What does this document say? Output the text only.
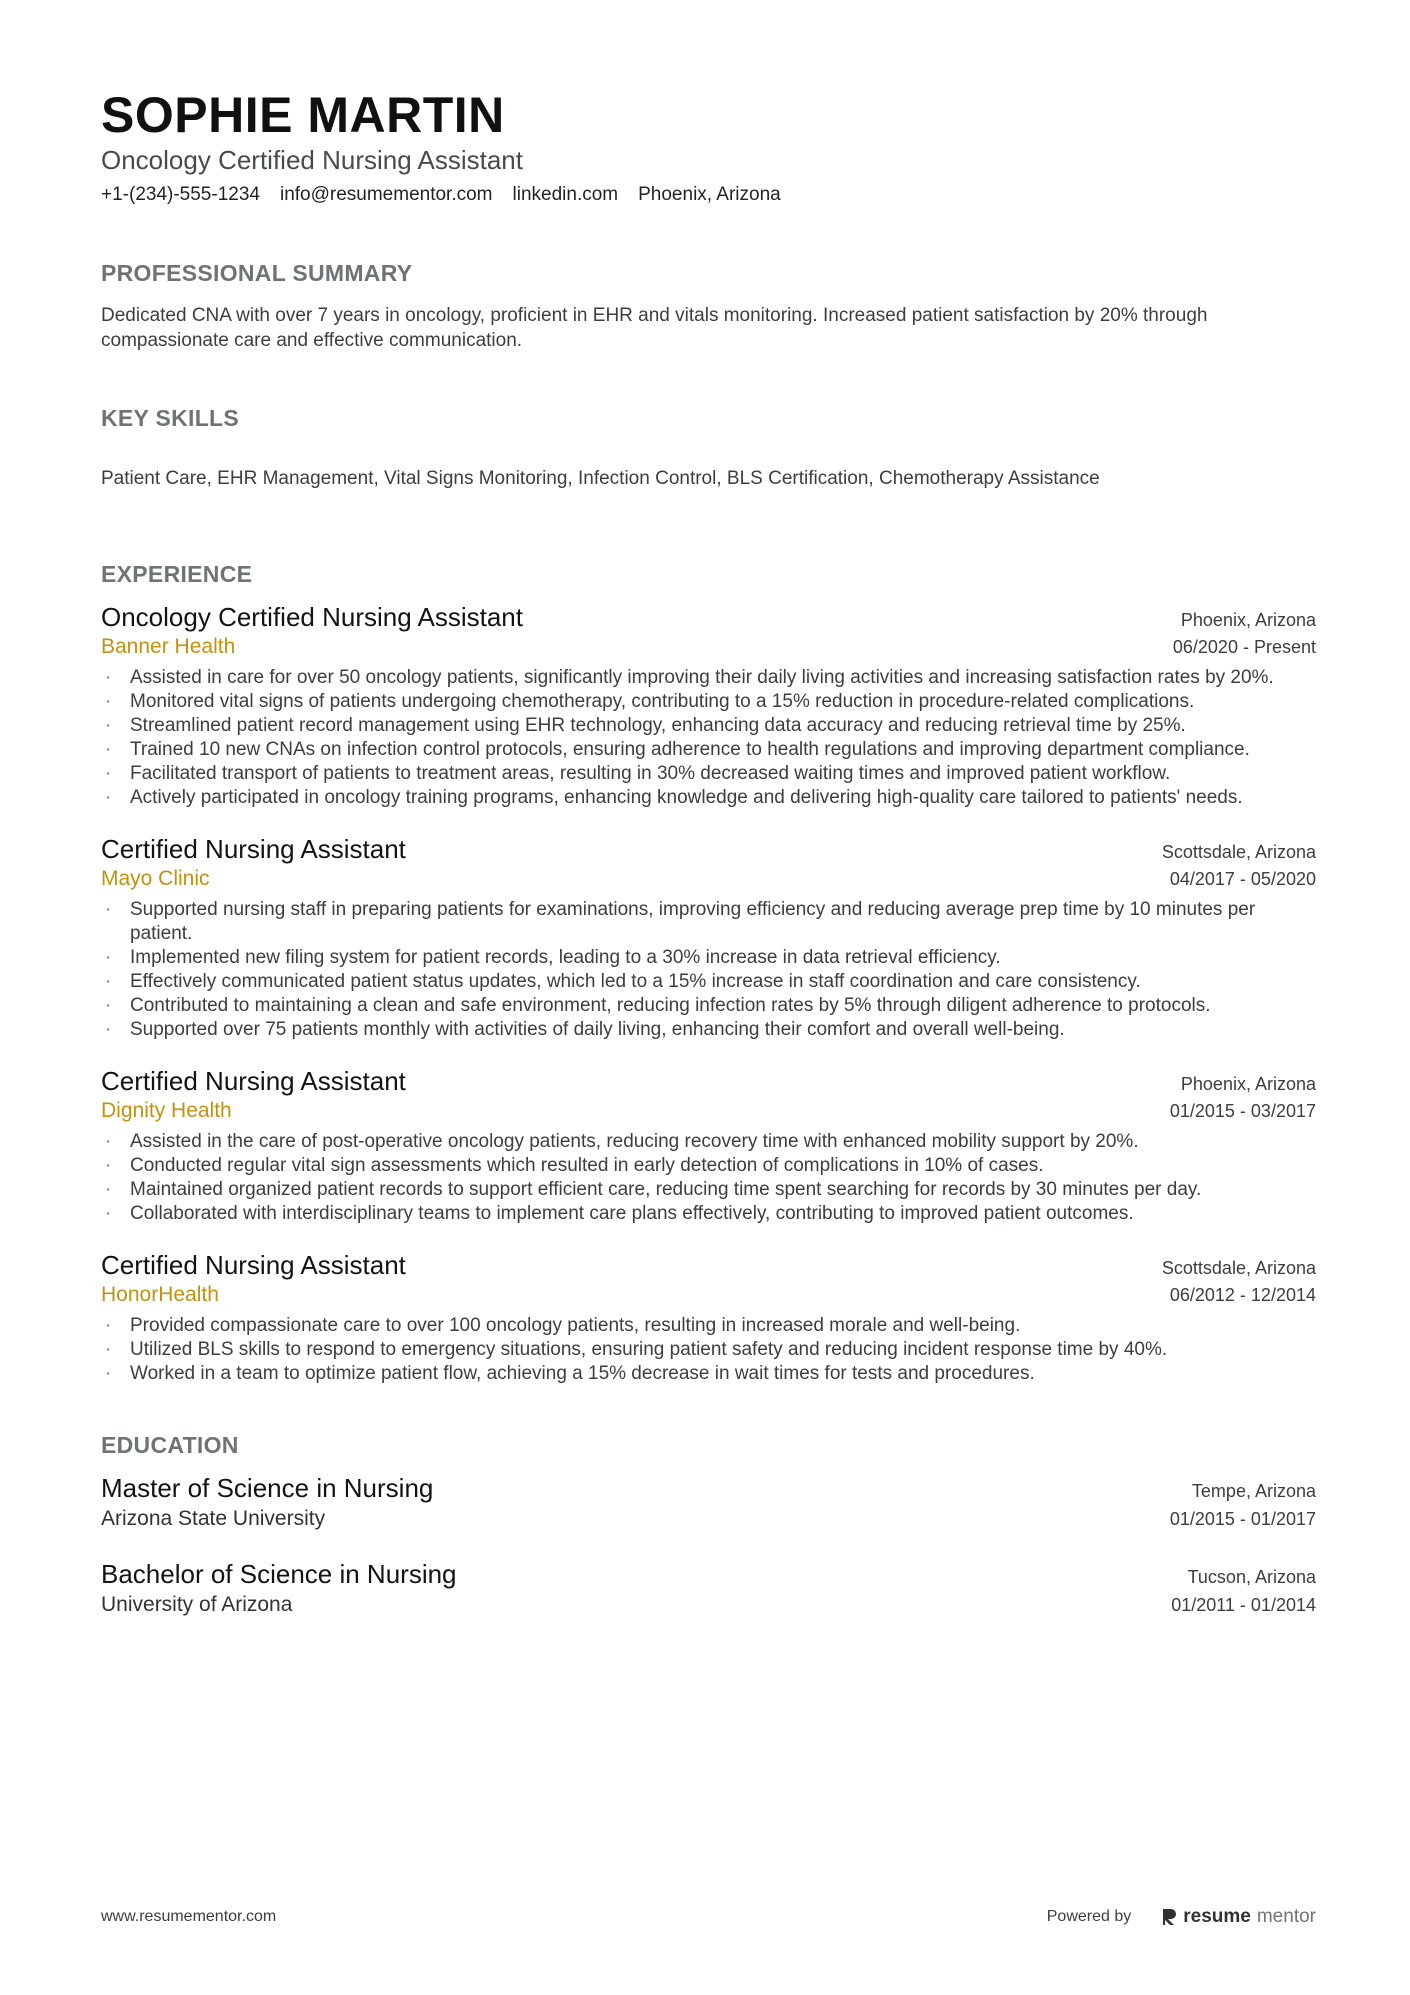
SOPHIE MARTIN
Oncology Certified Nursing Assistant
+1-(234)-555-1234 info@resumementor.com linkedin.com Phoenix, Arizona
PROFESSIONAL SUMMARY
Dedicated CNA with over 7 years in oncology, proficient in EHR and vitals monitoring. Increased patient satisfaction by 20% through compassionate care and effective communication.
KEY SKILLS
Patient Care, EHR Management, Vital Signs Monitoring, Infection Control, BLS Certification, Chemotherapy Assistance
EXPERIENCE
Oncology Certified Nursing Assistant	Phoenix, Arizona
Banner Health	06/2020 - Present
· Assisted in care for over 50 oncology patients, significantly improving their daily living activities and increasing satisfaction rates by 20%.
· Monitored vital signs of patients undergoing chemotherapy, contributing to a 15% reduction in procedure-related complications.
· Streamlined patient record management using EHR technology, enhancing data accuracy and reducing retrieval time by 25%.
· Trained 10 new CNAs on infection control protocols, ensuring adherence to health regulations and improving department compliance.
· Facilitated transport of patients to treatment areas, resulting in 30% decreased waiting times and improved patient workflow.
· Actively participated in oncology training programs, enhancing knowledge and delivering high-quality care tailored to patients' needs.
Certified Nursing Assistant	Scottsdale, Arizona
Mayo Clinic	04/2017 - 05/2020
· Supported nursing staff in preparing patients for examinations, improving efficiency and reducing average prep time by 10 minutes per patient.
· Implemented new filing system for patient records, leading to a 30% increase in data retrieval efficiency.
· Effectively communicated patient status updates, which led to a 15% increase in staff coordination and care consistency.
· Contributed to maintaining a clean and safe environment, reducing infection rates by 5% through diligent adherence to protocols.
· Supported over 75 patients monthly with activities of daily living, enhancing their comfort and overall well-being.
Certified Nursing Assistant	Phoenix, Arizona
Dignity Health	01/2015 - 03/2017
· Assisted in the care of post-operative oncology patients, reducing recovery time with enhanced mobility support by 20%.
· Conducted regular vital sign assessments which resulted in early detection of complications in 10% of cases.
· Maintained organized patient records to support efficient care, reducing time spent searching for records by 30 minutes per day.
· Collaborated with interdisciplinary teams to implement care plans effectively, contributing to improved patient outcomes.
Certified Nursing Assistant	Scottsdale, Arizona
HonorHealth	06/2012 - 12/2014
· Provided compassionate care to over 100 oncology patients, resulting in increased morale and well-being.
· Utilized BLS skills to respond to emergency situations, ensuring patient safety and reducing incident response time by 40%.
· Worked in a team to optimize patient flow, achieving a 15% decrease in wait times for tests and procedures.
EDUCATION
Master of Science in Nursing	Tempe, Arizona
Arizona State University	01/2015 - 01/2017
Bachelor of Science in Nursing	Tucson, Arizona
University of Arizona	01/2011 - 01/2014
www.resumementor.com	Powered by	resume mentor
